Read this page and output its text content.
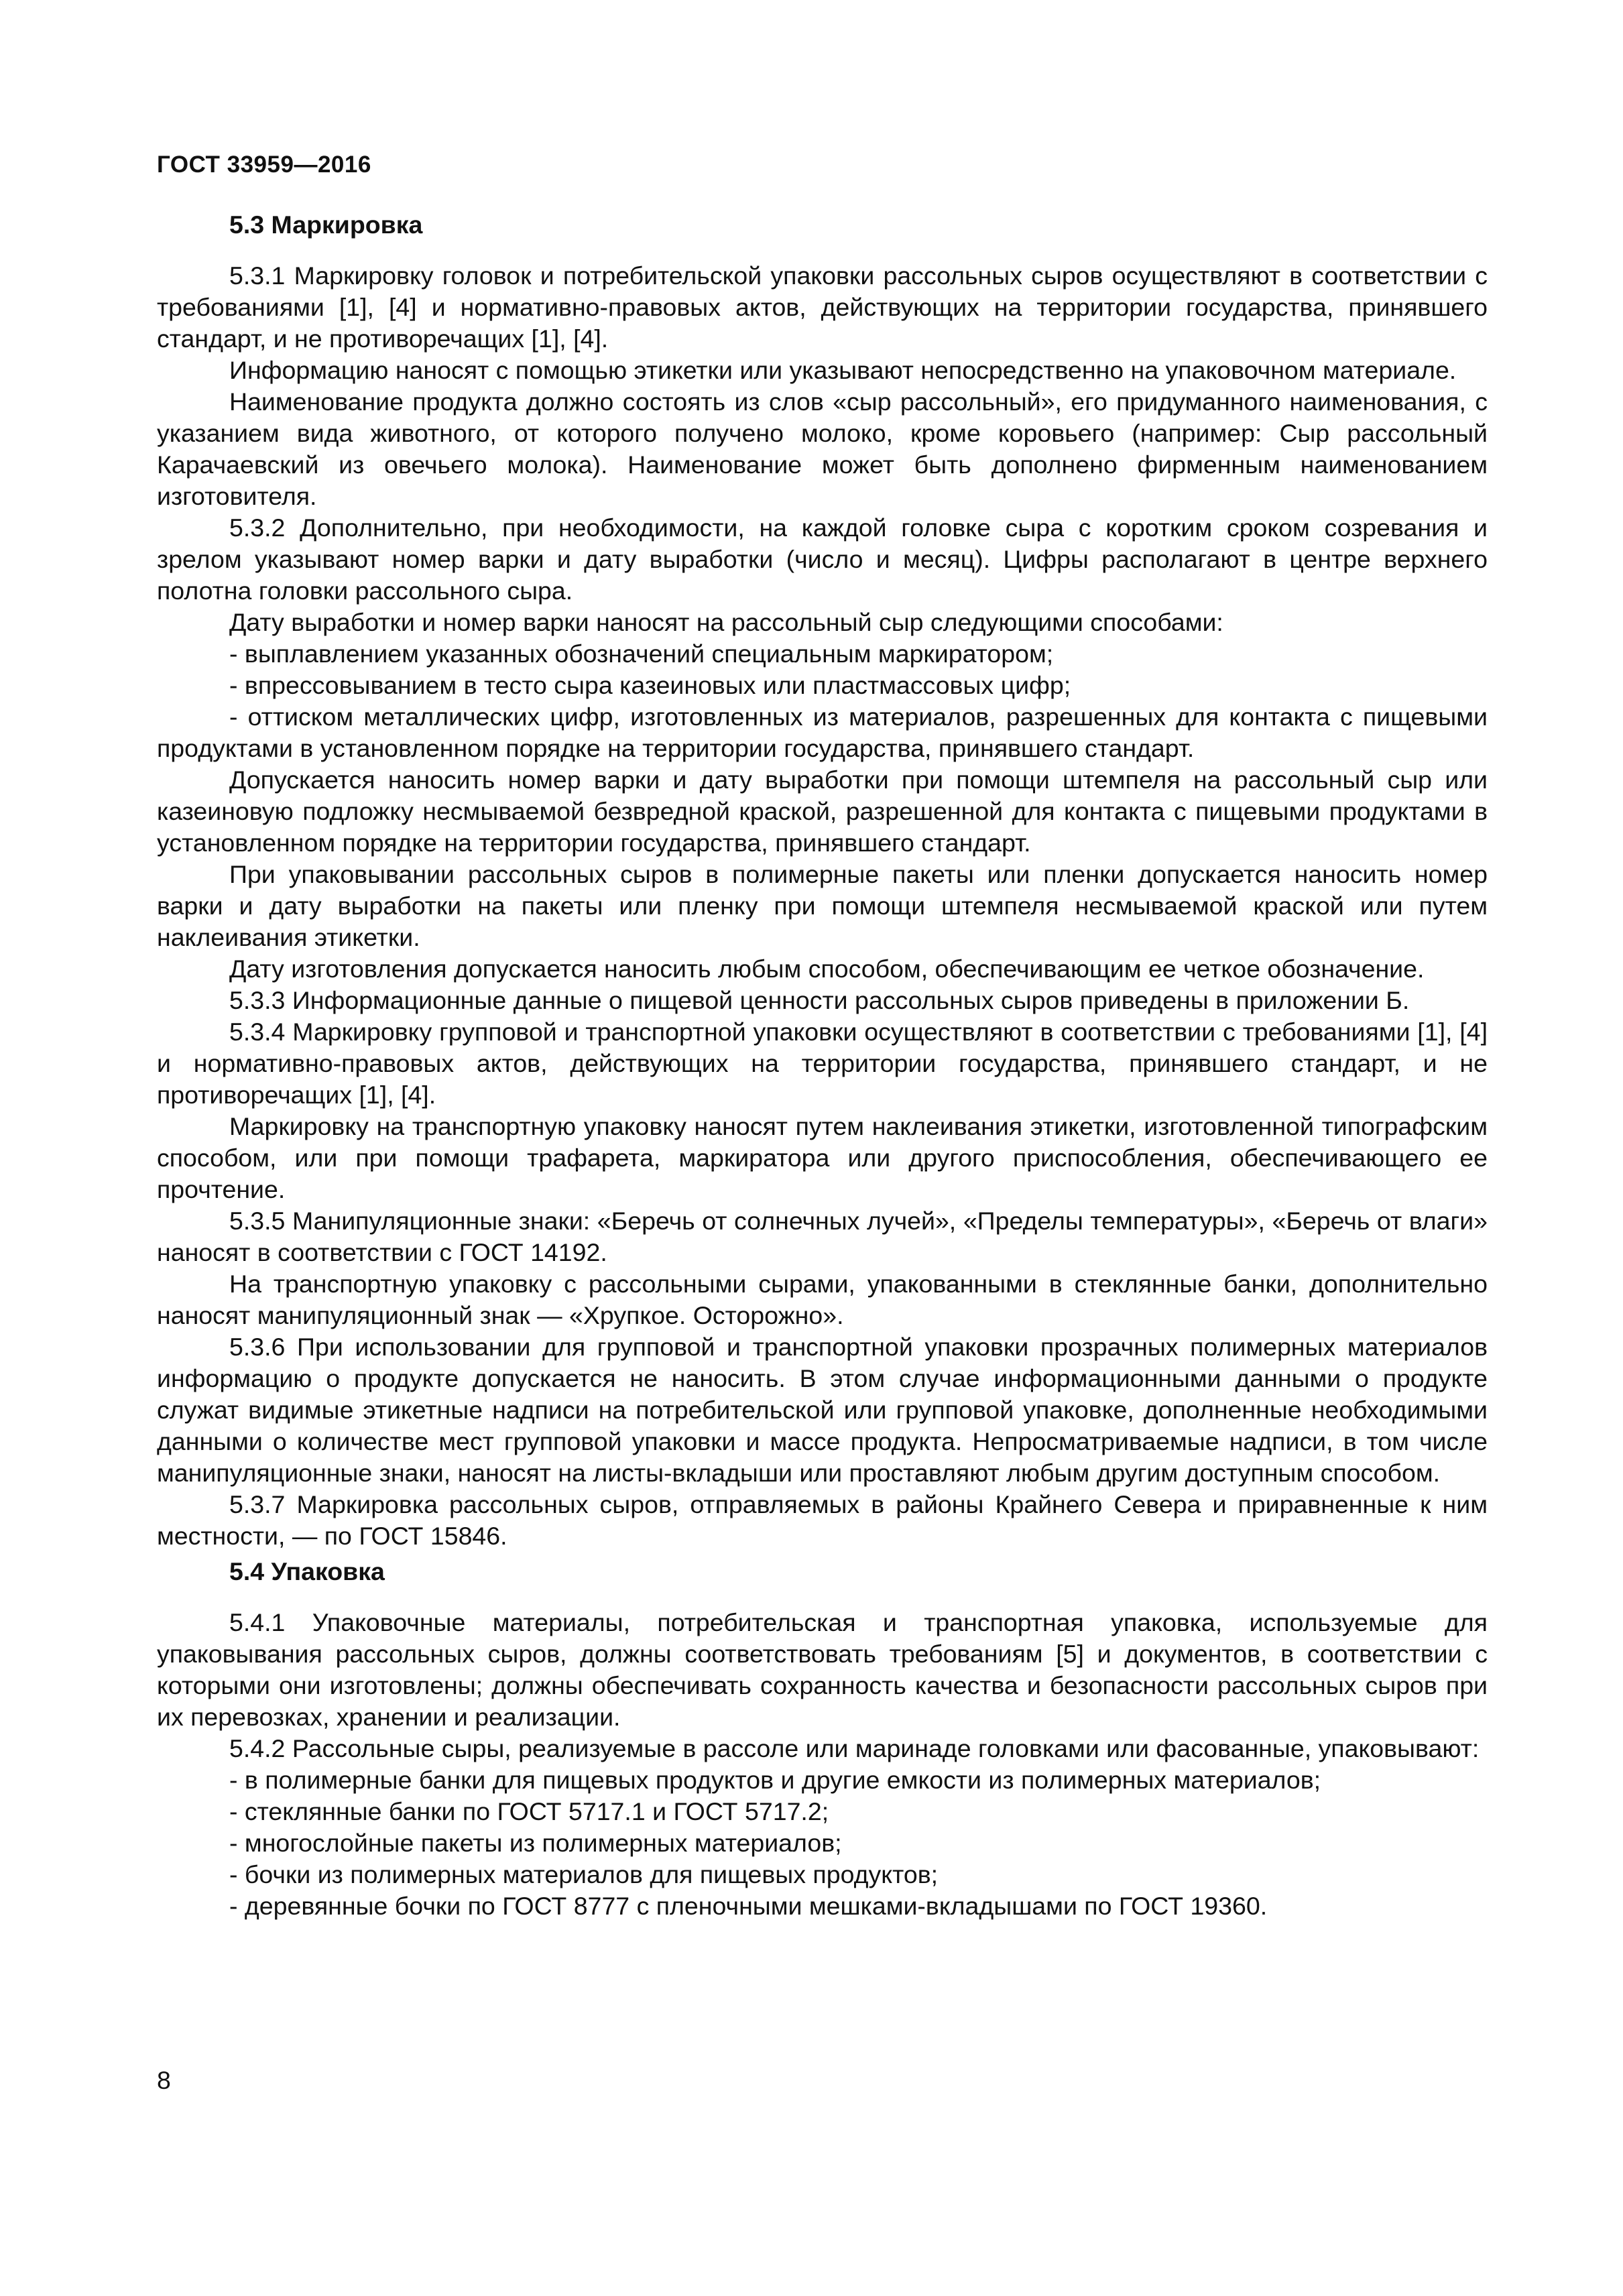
ГОСТ 33959—2016
5.3 Маркировка

5.3.1 Маркировку головок и потребительской упаковки рассольных сыров осуществляют в соответствии с требованиями [1], [4] и нормативно-правовых актов, действующих на территории государства, принявшего стандарт, и не противоречащих [1], [4].

Информацию наносят с помощью этикетки или указывают непосредственно на упаковочном материале.

Наименование продукта должно состоять из слов «сыр рассольный», его придуманного наименования, с указанием вида животного, от которого получено молоко, кроме коровьего (например: Сыр рассольный Карачаевский из овечьего молока). Наименование может быть дополнено фирменным наименованием изготовителя.

5.3.2 Дополнительно, при необходимости, на каждой головке сыра с коротким сроком созревания и зрелом указывают номер варки и дату выработки (число и месяц). Цифры располагают в центре верхнего полотна головки рассольного сыра.

Дату выработки и номер варки наносят на рассольный сыр следующими способами:

- выплавлением указанных обозначений специальным маркиратором;

- впрессовыванием в тесто сыра казеиновых или пластмассовых цифр;

- оттиском металлических цифр, изготовленных из материалов, разрешенных для контакта с пищевыми продуктами в установленном порядке на территории государства, принявшего стандарт.

Допускается наносить номер варки и дату выработки при помощи штемпеля на рассольный сыр или казеиновую подложку несмываемой безвредной краской, разрешенной для контакта с пищевыми продуктами в установленном порядке на территории государства, принявшего стандарт.

При упаковывании рассольных сыров в полимерные пакеты или пленки допускается наносить номер варки и дату выработки на пакеты или пленку при помощи штемпеля несмываемой краской или путем наклеивания этикетки.

Дату изготовления допускается наносить любым способом, обеспечивающим ее четкое обозначение.

5.3.3 Информационные данные о пищевой ценности рассольных сыров приведены в приложении Б.

5.3.4 Маркировку групповой и транспортной упаковки осуществляют в соответствии с требованиями [1], [4] и нормативно-правовых актов, действующих на территории государства, принявшего стандарт, и не противоречащих [1], [4].

Маркировку на транспортную упаковку наносят путем наклеивания этикетки, изготовленной типографским способом, или при помощи трафарета, маркиратора или другого приспособления, обеспечивающего ее прочтение.

5.3.5 Манипуляционные знаки: «Беречь от солнечных лучей», «Пределы температуры», «Беречь от влаги» наносят в соответствии с ГОСТ 14192.

На транспортную упаковку с рассольными сырами, упакованными в стеклянные банки, дополнительно наносят манипуляционный знак — «Хрупкое. Осторожно».

5.3.6 При использовании для групповой и транспортной упаковки прозрачных полимерных материалов информацию о продукте допускается не наносить. В этом случае информационными данными о продукте служат видимые этикетные надписи на потребительской или групповой упаковке, дополненные необходимыми данными о количестве мест групповой упаковки и массе продукта. Непросматриваемые надписи, в том числе манипуляционные знаки, наносят на листы-вкладыши или проставляют любым другим доступным способом.

5.3.7 Маркировка рассольных сыров, отправляемых в районы Крайнего Севера и приравненные к ним местности, — по ГОСТ 15846.

5.4 Упаковка

5.4.1 Упаковочные материалы, потребительская и транспортная упаковка, используемые для упаковывания рассольных сыров, должны соответствовать требованиям [5] и документов, в соответствии с которыми они изготовлены; должны обеспечивать сохранность качества и безопасности рассольных сыров при их перевозках, хранении и реализации.

5.4.2 Рассольные сыры, реализуемые в рассоле или маринаде головками или фасованные, упаковывают:

- в полимерные банки для пищевых продуктов и другие емкости из полимерных материалов;

- стеклянные банки по ГОСТ 5717.1 и ГОСТ 5717.2;

- многослойные пакеты из полимерных материалов;

- бочки из полимерных материалов для пищевых продуктов;

- деревянные бочки по ГОСТ 8777 с пленочными мешками-вкладышами по ГОСТ 19360.

8
